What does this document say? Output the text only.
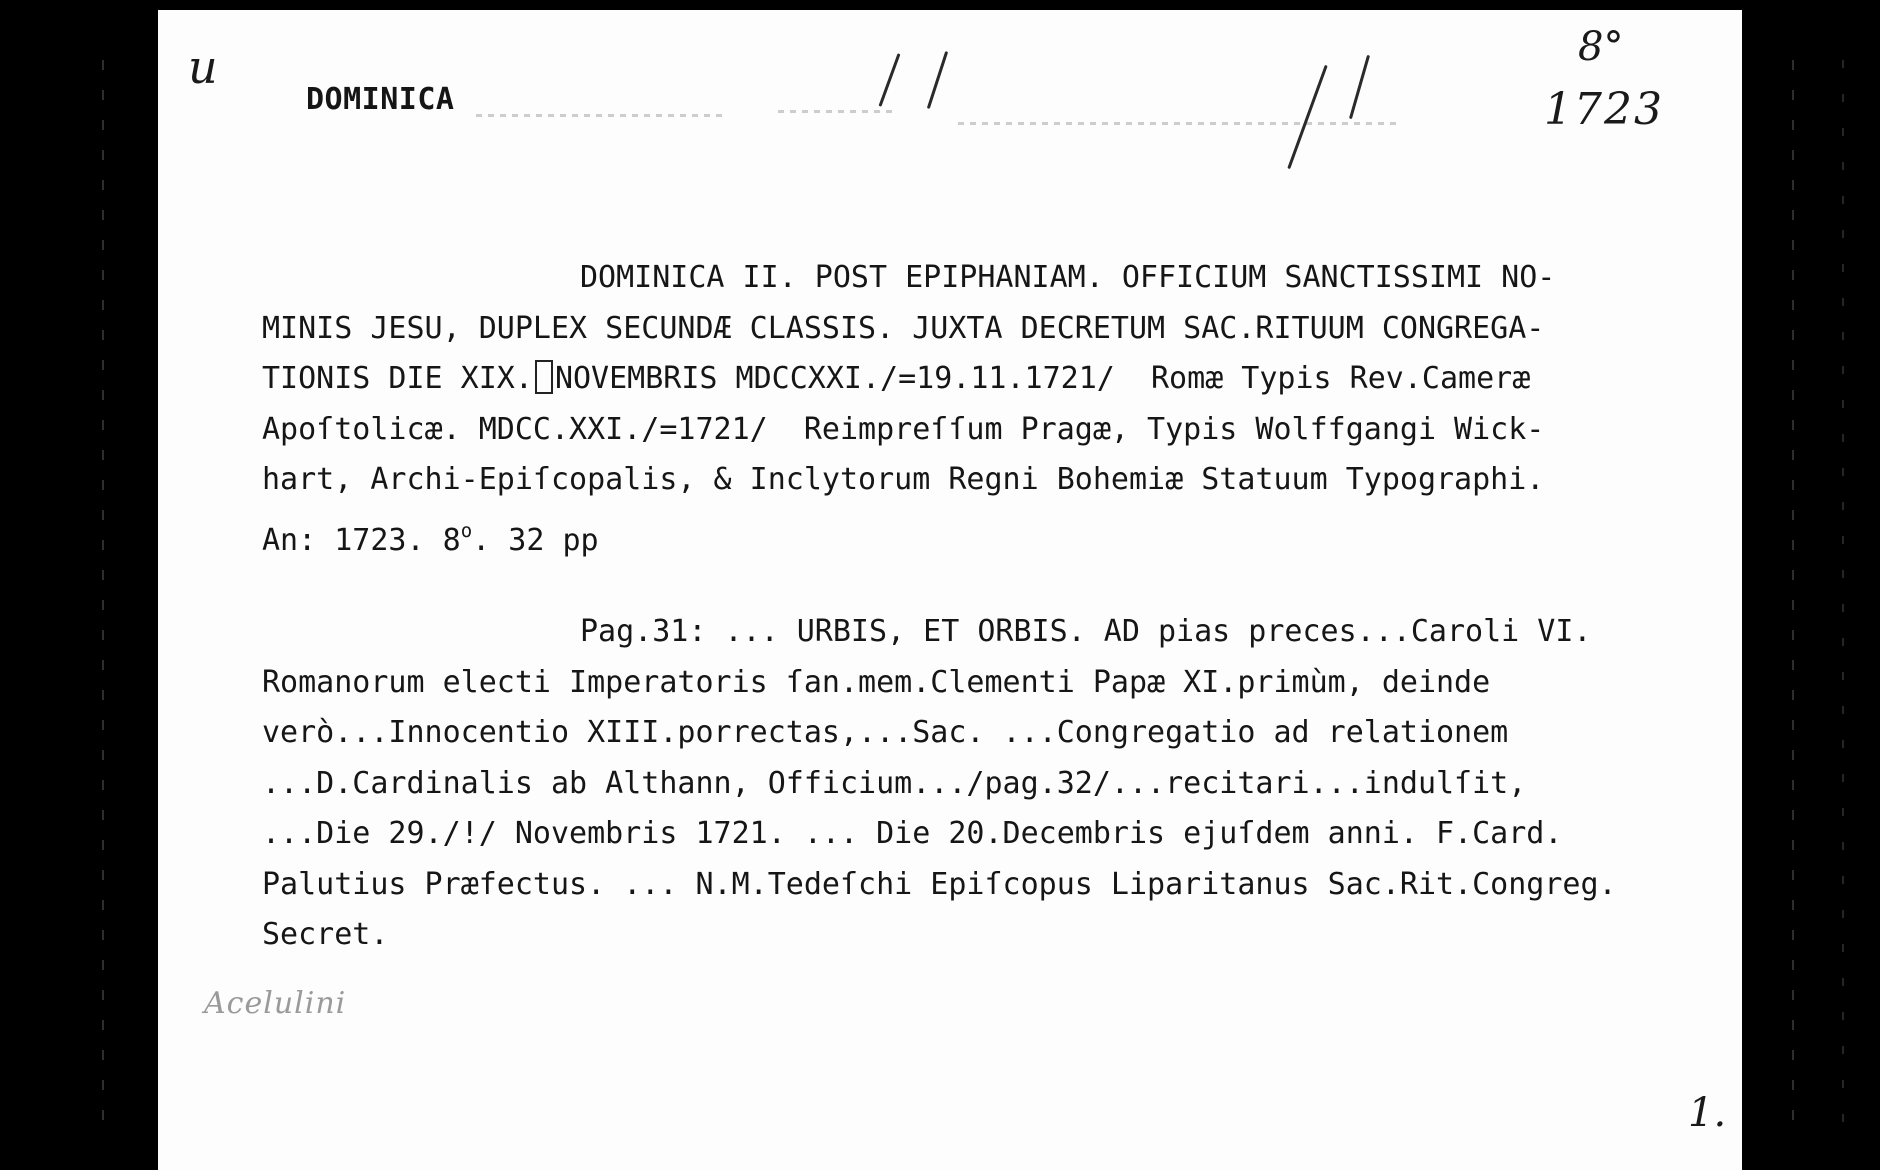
u
DOMINICA
8°
1723
DOMINICA II. POST EPIPHANIAM. OFFICIUM SANCTISSIMI NO-
MINIS JESU, DUPLEX SECUNDÆ CLASSIS. JUXTA DECRETUM SAC.RITUUM CONGREGA-
TIONIS DIE XIX. NOVEMBRIS MDCCXXI./=19.11.1721/  Romæ Typis Rev.Cameræ
Apoſtolicæ. MDCC.XXI./=1721/  Reimpreſſum Pragæ, Typis Wolffgangi Wick-
hart, Archi-Epiſcopalis, & Inclytorum Regni Bohemiæ Statuum Typographi.
An: 1723. 8$^o$. 32 pp
Pag.31: ... URBIS, ET ORBIS. AD pias preces...Caroli VI.
Romanorum electi Imperatoris ſan.mem.Clementi Papæ XI.primùm, deinde
verò...Innocentio XIII.porrectas,...Sac. ...Congregatio ad relationem
...D.Cardinalis ab Althann, Officium.../pag.32/...recitari...indulſit,
...Die 29./!/ Novembris 1721. ... Die 20.Decembris ejuſdem anni. F.Card.
Palutius Præfectus. ... N.M.Tedeſchi Epiſcopus Liparitanus Sac.Rit.Congreg.
Secret.
Acelulini
1.
